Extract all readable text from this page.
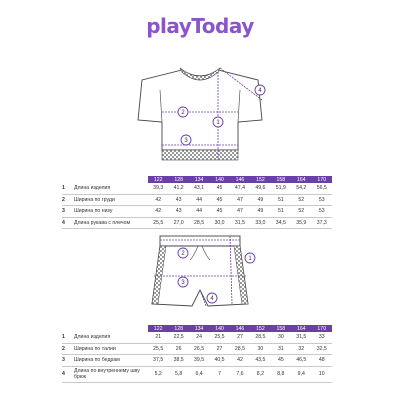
playToday
1
2
3
4
		122	128	134	140	146	152	158	164	170
1	Длина изделия	39,3	41,2	43,1	45	47,4	49,6	51,9	54,2	56,5
2	Ширина по груди	42	43	44	45	47	49	51	52	53
3	Ширина по низу	42	43	44	45	47	49	51	52	53
4	Длина рукава с плечом	25,5	27,0	28,5	30,0	31,5	33,0	34,5	35,9	37,3
1
2
3
4
		122	128	134	140	146	152	158	164	170
1	Длина изделия	21	22,5	24	25,5	27	28,5	30	31,5	33
2	Ширина по талии	25,5	26	26,5	27	28,5	30	31	32	32,5
3	Ширина по бедрам	37,5	38,5	39,5	40,5	42	43,5	45	46,5	48
4	Длина по внутреннему шву брюк	5,2	5,8	6,4	7	7,6	8,2	8,8	9,4	10
